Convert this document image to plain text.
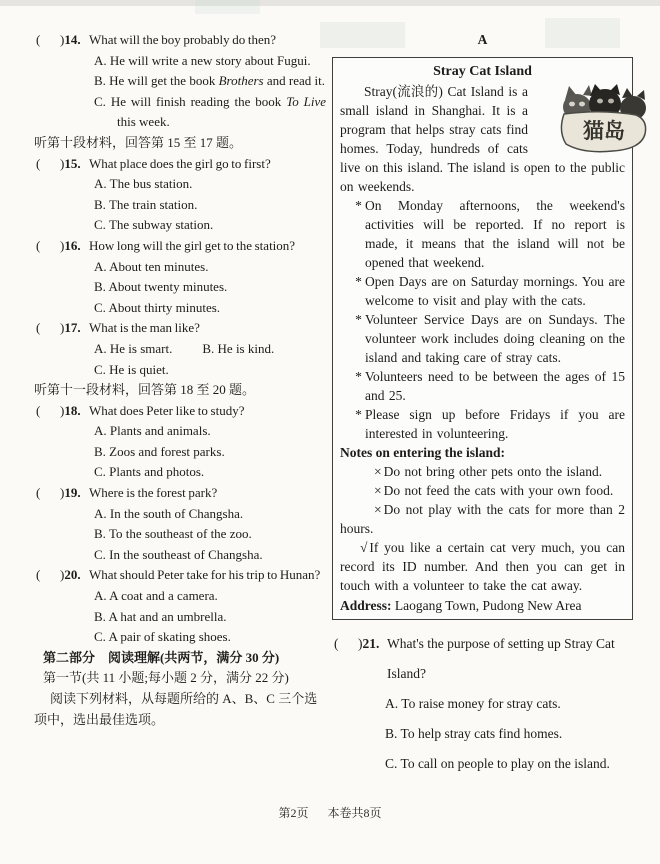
( )14. What will the boy probably do then?
A. He will write a new story about Fugui.
B. He will get the book Brothers and read it.
C. He will finish reading the book To Live this week.
听第十段材料，回答第 15 至 17 题。
( )15. What place does the girl go to first?
A. The bus station.
B. The train station.
C. The subway station.
( )16. How long will the girl get to the station?
A. About ten minutes.
B. About twenty minutes.
C. About thirty minutes.
( )17. What is the man like?
A. He is smart. B. He is kind.
C. He is quiet.
听第十一段材料，回答第 18 至 20 题。
( )18. What does Peter like to study?
A. Plants and animals.
B. Zoos and forest parks.
C. Plants and photos.
( )19. Where is the forest park?
A. In the south of Changsha.
B. To the southeast of the zoo.
C. In the southeast of Changsha.
( )20. What should Peter take for his trip to Hunan?
A. A coat and a camera.
B. A hat and an umbrella.
C. A pair of skating shoes.
第二部分　阅读理解(共两节，满分 30 分)
第一节(共 11 小题;每小题 2 分，满分 22 分)
阅读下列材料，从每题所给的 A、B、C 三个选项中，选出最佳选项。
A
Stray Cat Island

猫岛
Stray(流浪的) Cat Island is a small island in Shanghai. It is a program that helps stray cats find homes. Today, hundreds of cats live on this island. The island is open to the public on weekends.

* On Monday afternoons, the weekend's activities will be reported. If no report is made, it means that the island will not be opened that weekend.
* Open Days are on Saturday mornings. You are welcome to visit and play with the cats.
* Volunteer Service Days are on Sundays. The volunteer work includes doing cleaning on the island and taking care of stray cats.
* Volunteers need to be between the ages of 15 and 25.
* Please sign up before Fridays if you are interested in volunteering.
Notes on entering the island:

× Do not bring other pets onto the island.

× Do not feed the cats with your own food.

× Do not play with the cats for more than 2 hours.

√ If you like a certain cat very much, you can record its ID number. And then you can get in touch with a volunteer to take the cat away.

Address: Laogang Town, Pudong New Area
( )21. What's the purpose of setting up Stray Cat Island?
A. To raise money for stray cats.
B. To help stray cats find homes.
C. To call on people to play on the island.
第2页 本卷共8页
